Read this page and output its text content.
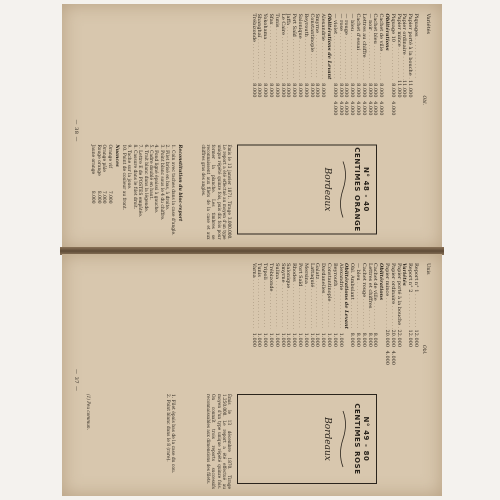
Variétés
Obl.
Piquages . . .
Papier porté à la bouche . . .
11.000
Papier ordinaire . . .
11.000
Papier mince . . .
11.000
Piquage 10 . . .
8.000
4.000
Oblitérations
Cachet de ville . . .
8.000
4.000
Cachet bleu . . .
8.000
4.000
— noir . . .
8.000
4.000
Lettres au chiffre . . .
8.000
4.000
Cachet d'essai . . .
8.000
4.000
— bleu . . .
8.000
4.000
— rouge . . .
8.000
4.000
— rose . . .
8.000
4.000
— violet . . .
8.000
4.000
Oblitérations de Levant
Alexandrie . . .
8.000
Smyrne . . .
8.000
Constantinople . . .
8.000
Beyrouth . . .
8.000
Salonique . . .
8.000
Port Saïd . . .
8.000
Jaffa . . .
8.000
Le Caire . . .
8.000
Tunis . . .
8.000
Sfax . . .
8.000
Yokohama . . .
8.000
Shanghaï . . .
8.000
Trébizonde . . .
8.000
N° 48 - 40 CENTIMES ORANGE
Bordeaux
Émis le 13 janvier 1871. Tirage 3.000.000. Le report a été effectué au moyen d'un type unique répété quinze fois, puis dix fois pour former la planche. Les timbres se reconnaissent aux filets de la case et aux chiffres gras des angles.
Reconstitution du bloc-report
1. Coin avec taches dans la case d'angle.
2. Filet brisé en bas, à droite.
3. Point blanc sous le 4 du chiffre.
4. Fond ligné épaissi à gauche.
5. Cadre doublé en haut.
6. Trait blanc dans la légende.
7. Lettre E de POSTES empâtée.
8. Cassure dans le filet droit.
9. Tache sur la joue.
10. Point de couleur au front.
Nuances
Orange vif
7.000
Orange pâle
7.000
Rouge orange
8.000
Jaune orange
8.000
— 38 —
Unis
Obl.
Report n° 1 . . .
12.000
Report n° 2 . . .
12.000
Variétés
Papier porté à la bouche . . .
22.000
Papier ordinaire . . .
20.000
4.000
Papier mince . . .
20.000
4.000
Oblitérations
Cachet de ville . . .
8.000
Lettres et chiffres . . .
8.000
Cachet rouge . . .
8.000
— bleu . . .
8.000
Obl. Ambulant . . .
8.000
Oblitérations de Levant
Alexandrie . . .
1.000
Beyrouth . . .
1.000
Constantinople . . .
1.000
Dardanelles . . .
1.000
Galatz . . .
1.000
Lattaquié . . .
1.000
Mersina . . .
1.000
Port Saïd . . .
1.000
Rhodes . . .
1.000
Salonique . . .
1.000
Smyrne . . .
1.000
Sulina . . .
1.000
Trébizonde . . .
1.000
Tripoli . . .
1.000
Tunis . . .
1.000
Varna . . .
1.000
N° 49 - 80 CENTIMES ROSE
Bordeaux
Émis le 13 décembre 1870. Tirage 1.250.000. Le report a été effectué au moyen d'un type unique répété quinze fois. On connaît trois reports successifs reconnaissables aux dimensions des filets.
1. Filet épais bas de la case du cou.
2. Point blanc dans le 8 (rare).
(1) Peu commun.
— 37 —
